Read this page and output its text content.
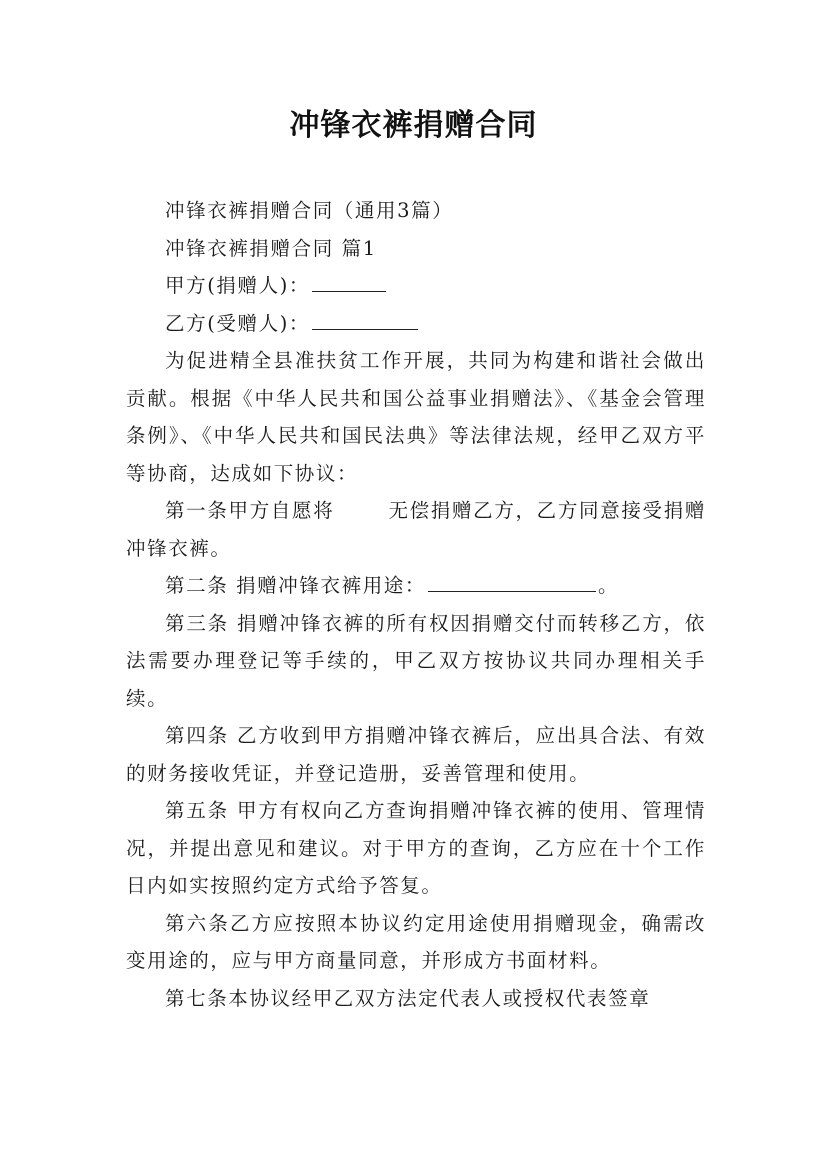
冲锋衣裤捐赠合同

冲锋衣裤捐赠合同（通用3篇）

冲锋衣裤捐赠合同 篇1

甲方(捐赠人)：

乙方(受赠人)：

为促进精全县准扶贫工作开展，共同为构建和谐社会做出贡献。根据《中华人民共和国公益事业捐赠法》、《基金会管理条例》、《中华人民共和国民法典》等法律法规，经甲乙双方平等协商，达成如下协议：

第一条甲方自愿将	无偿捐赠乙方，乙方同意接受捐赠冲锋衣裤。

第二条 捐赠冲锋衣裤用途：	。

第三条 捐赠冲锋衣裤的所有权因捐赠交付而转移乙方，依法需要办理登记等手续的，甲乙双方按协议共同办理相关手续。

第四条 乙方收到甲方捐赠冲锋衣裤后，应出具合法、有效的财务接收凭证，并登记造册，妥善管理和使用。

第五条 甲方有权向乙方查询捐赠冲锋衣裤的使用、管理情况，并提出意见和建议。对于甲方的查询，乙方应在十个工作日内如实按照约定方式给予答复。

第六条乙方应按照本协议约定用途使用捐赠现金，确需改变用途的，应与甲方商量同意，并形成方书面材料。

第七条本协议经甲乙双方法定代表人或授权代表签章
